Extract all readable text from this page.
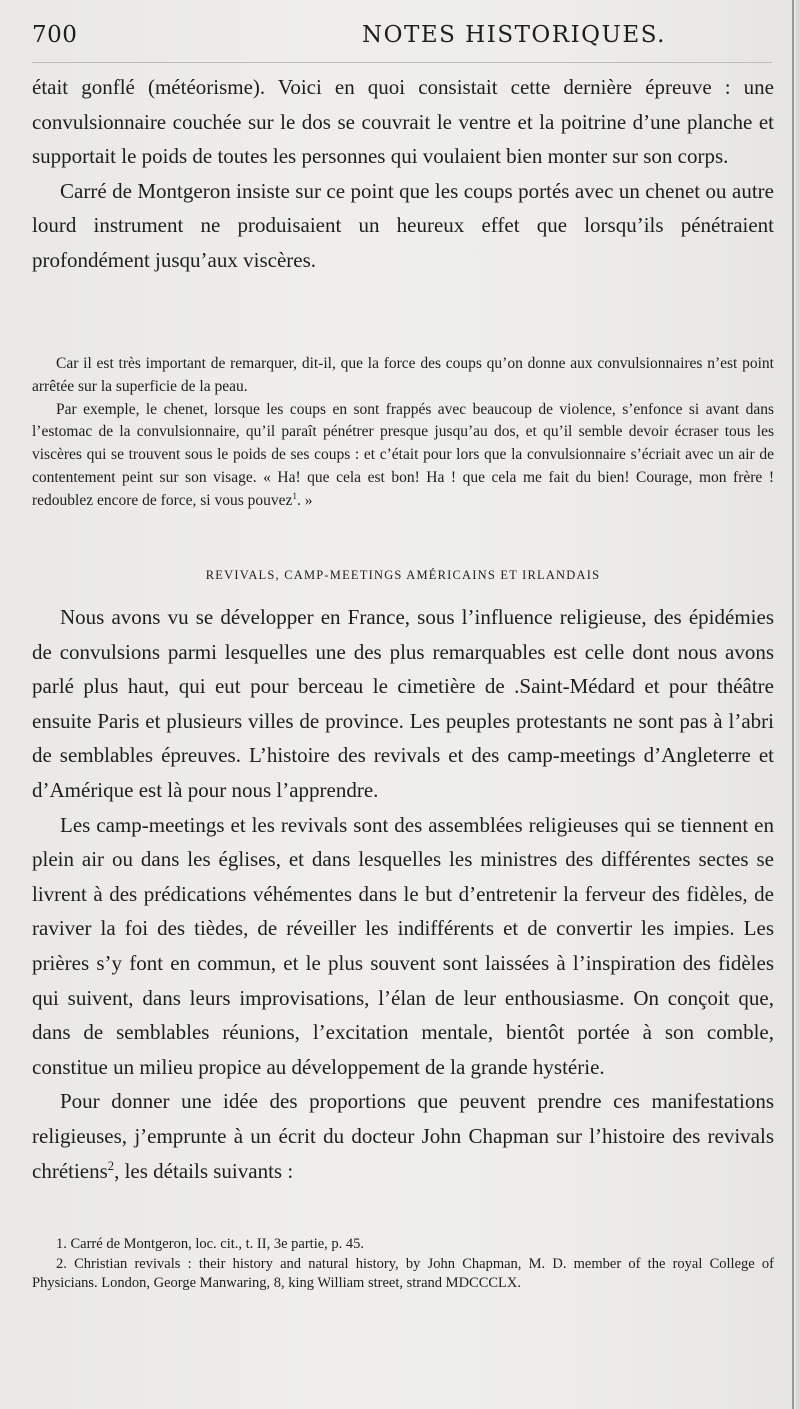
700	NOTES HISTORIQUES.

était gonflé (météorisme). Voici en quoi consistait cette dernière épreuve : une convulsionnaire couchée sur le dos se couvrait le ventre et la poitrine d’une planche et supportait le poids de toutes les personnes qui voulaient bien monter sur son corps.

Carré de Montgeron insiste sur ce point que les coups portés avec un chenet ou autre lourd instrument ne produisaient un heureux effet que lorsqu’ils pénétraient profondément jusqu’aux viscères.

Car il est très important de remarquer, dit-il, que la force des coups qu’on donne aux convulsionnaires n’est point arrêtée sur la superficie de la peau.

Par exemple, le chenet, lorsque les coups en sont frappés avec beaucoup de violence, s’enfonce si avant dans l’estomac de la convulsionnaire, qu’il paraît pénétrer presque jusqu’au dos, et qu’il semble devoir écraser tous les viscères qui se trouvent sous le poids de ses coups : et c’était pour lors que la convulsionnaire s’écriait avec un air de contentement peint sur son visage. « Ha! que cela est bon! Ha ! que cela me fait du bien! Courage, mon frère ! redoublez encore de force, si vous pouvez$^1$. »

REVIVALS, CAMP-MEETINGS AMÉRICAINS ET IRLANDAIS

Nous avons vu se développer en France, sous l’influence religieuse, des épidémies de convulsions parmi lesquelles une des plus remarquables est celle dont nous avons parlé plus haut, qui eut pour berceau le cimetière de .Saint-Médard et pour théâtre ensuite Paris et plusieurs villes de province. Les peuples protestants ne sont pas à l’abri de semblables épreuves. L’histoire des revivals et des camp-meetings d’Angleterre et d’Amérique est là pour nous l’apprendre.

Les camp-meetings et les revivals sont des assemblées religieuses qui se tiennent en plein air ou dans les églises, et dans lesquelles les ministres des différentes sectes se livrent à des prédications véhémentes dans le but d’entretenir la ferveur des fidèles, de raviver la foi des tièdes, de réveiller les indifférents et de convertir les impies. Les prières s’y font en commun, et le plus souvent sont laissées à l’inspiration des fidèles qui suivent, dans leurs improvisations, l’élan de leur enthousiasme. On conçoit que, dans de semblables réunions, l’excitation mentale, bientôt portée à son comble, constitue un milieu propice au développement de la grande hystérie.

Pour donner une idée des proportions que peuvent prendre ces manifestations religieuses, j’emprunte à un écrit du docteur John Chapman sur l’histoire des revivals chrétiens$^2$, les détails suivants :

1. Carré de Montgeron, loc. cit., t. II, 3e partie, p. 45.

2. Christian revivals : their history and natural history, by John Chapman, M. D. member of the royal College of Physicians. London, George Manwaring, 8, king William street, strand MDCCCLX.
